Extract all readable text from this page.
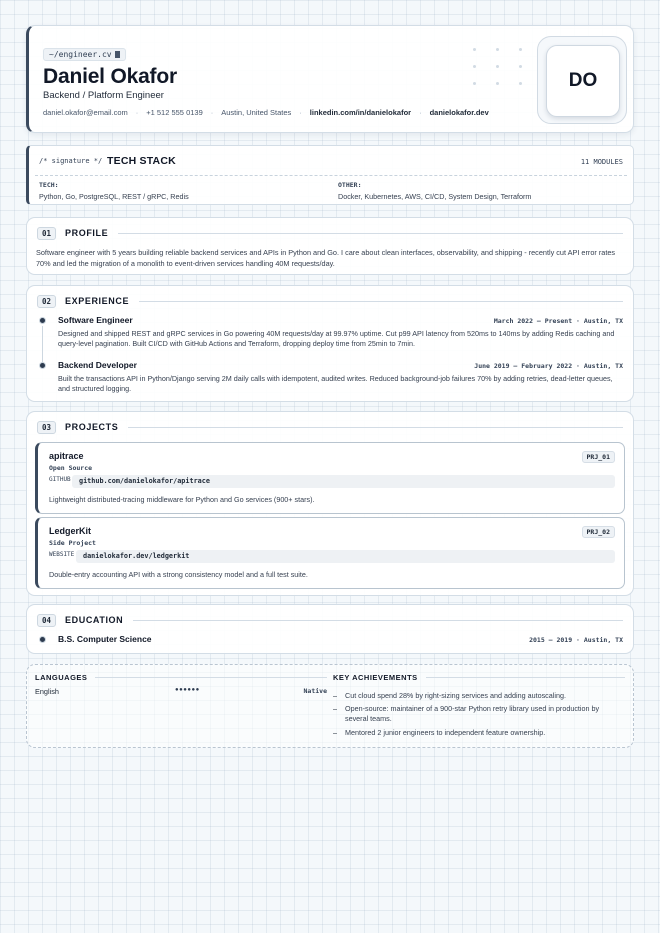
~/engineer.cv
Daniel Okafor
Backend / Platform Engineer
daniel.okafor@email.com · +1 512 555 0139 · Austin, United States · linkedin.com/in/danielokafor · danielokafor.dev
DO
/* signature */ TECH STACK	11 MODULES
TECH:
Python, Go, PostgreSQL, REST / gRPC, Redis
OTHER:
Docker, Kubernetes, AWS, CI/CD, System Design, Terraform
01	PROFILE
Software engineer with 5 years building reliable backend services and APIs in Python and Go. I care about clean interfaces, observability, and shipping - recently cut API error rates 70% and led the migration of a monolith to event-driven services handling 40M requests/day.
02	EXPERIENCE
Software Engineer	March 2022 – Present · Austin, TX
Designed and shipped REST and gRPC services in Go powering 40M requests/day at 99.97% uptime. Cut p99 API latency from 520ms to 140ms by adding Redis caching and query-level pagination. Built CI/CD with GitHub Actions and Terraform, dropping deploy time from 25min to 7min.
Backend Developer	June 2019 – February 2022 · Austin, TX
Built the transactions API in Python/Django serving 2M daily calls with idempotent, audited writes. Reduced background-job failures 70% by adding retries, dead-letter queues, and structured logging.
03	PROJECTS
apitrace
Open Source
PRJ_01
GITHUB	github.com/danielokafor/apitrace
Lightweight distributed-tracing middleware for Python and Go services (900+ stars).
LedgerKit
Side Project
PRJ_02
WEBSITE	danielokafor.dev/ledgerkit
Double-entry accounting API with a strong consistency model and a full test suite.
04	EDUCATION
B.S. Computer Science	2015 – 2019 · Austin, TX
LANGUAGES
English	●●●●●●	Native
KEY ACHIEVEMENTS
– Cut cloud spend 28% by right-sizing services and adding autoscaling.
– Open-source: maintainer of a 900-star Python retry library used in production by several teams.
– Mentored 2 junior engineers to independent feature ownership.
